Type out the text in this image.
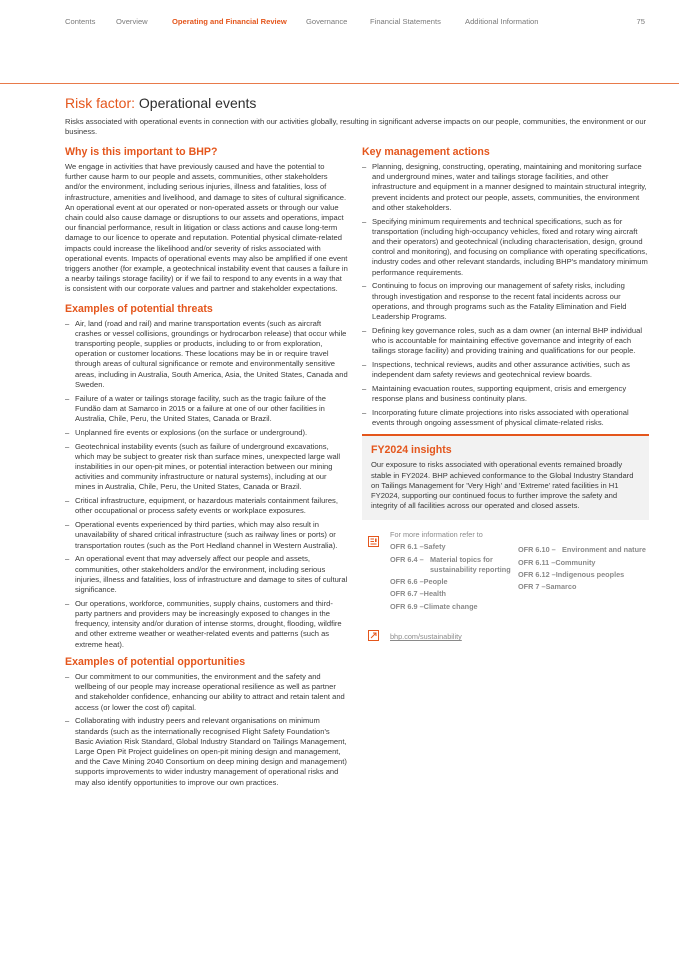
Contents	Overview	Operating and Financial Review	Governance	Financial Statements	Additional Information	75
Risk factor: Operational events

Risks associated with operational events in connection with our activities globally, resulting in significant adverse impacts on our people, communities, the environment or our business.

Why is this important to BHP?

We engage in activities that have previously caused and have the potential to further cause harm to our people and assets, communities, other stakeholders and/or the environment, including serious injuries, illness and fatalities, loss of infrastructure, amenities and livelihood, and damage to sites of cultural significance. An operational event at our operated or non-operated assets or through our value chain could also cause damage or disruptions to our assets and operations, impact our financial performance, result in litigation or class actions and cause long-term damage to our licence to operate and reputation. Potential physical climate-related impacts could increase the likelihood and/or severity of risks associated with operational events. Impacts of operational events may also be amplified if one event triggers another (for example, a geotechnical instability event that causes a failure in a nearby tailings storage facility) or if we fail to respond to any events in a way that is consistent with our corporate values and partner and stakeholder expectations.

Examples of potential threats
– Air, land (road and rail) and marine transportation events (such as aircraft crashes or vessel collisions, groundings or hydrocarbon release) that occur while transporting people, supplies or products, including to or from exploration, operation or customer locations. These locations may be in or require travel through areas of cultural significance or remote and environmentally sensitive areas, including in Australia, South America, Asia, the United States, Canada and Sweden.
– Failure of a water or tailings storage facility, such as the tragic failure of the Fundão dam at Samarco in 2015 or a failure at one of our other facilities in Australia, Chile, Peru, the United States, Canada or Brazil.
– Unplanned fire events or explosions (on the surface or underground).
– Geotechnical instability events (such as failure of underground excavations, which may be subject to greater risk than surface mines, unexpected large wall instabilities in our open-pit mines, or potential interaction between our mining activities and community infrastructure or natural systems), including at our mines in Australia, Chile, Peru, the United States, Canada or Brazil.
– Critical infrastructure, equipment, or hazardous materials containment failures, other occupational or process safety events or workplace exposures.
– Operational events experienced by third parties, which may also result in unavailability of shared critical infrastructure (such as railway lines or ports) or transportation routes (such as the Port Hedland channel in Western Australia).
– An operational event that may adversely affect our people and assets, communities, other stakeholders and/or the environment, including serious injuries, illness and fatalities, loss of infrastructure and damage to sites of cultural significance.
– Our operations, workforce, communities, supply chains, customers and third-party partners and providers may be increasingly exposed to changes in the frequency, intensity and/or duration of intense storms, drought, flooding, wildfire and other extreme weather or weather-related events and patterns (such as extreme heat).
Examples of potential opportunities
– Our commitment to our communities, the environment and the safety and wellbeing of our people may increase operational resilience as well as partner and stakeholder confidence, enhancing our ability to attract and retain talent and access (or lower the cost of) capital.
– Collaborating with industry peers and relevant organisations on minimum standards (such as the internationally recognised Flight Safety Foundation's Basic Aviation Risk Standard, Global Industry Standard on Tailings Management, Large Open Pit Project guidelines on open-pit mining design and management, and the Cave Mining 2040 Consortium on deep mining design and management) supports improvements to wider industry management of operational risks and may also identify opportunities to improve our own practices.
Key management actions
– Planning, designing, constructing, operating, maintaining and monitoring surface and underground mines, water and tailings storage facilities, and other infrastructure and equipment in a manner designed to maintain structural integrity, prevent incidents and protect our people, assets, communities, the environment and other stakeholders.
– Specifying minimum requirements and technical specifications, such as for transportation (including high-occupancy vehicles, fixed and rotary wing aircraft and their operators) and geotechnical (including characterisation, design, ground control and monitoring), and focusing on compliance with operating specifications, industry codes and other relevant standards, including BHP's mandatory minimum performance requirements.
– Continuing to focus on improving our management of safety risks, including through investigation and response to the recent fatal incidents across our operations, and through programs such as the Fatality Elimination and Field Leadership Programs.
– Defining key governance roles, such as a dam owner (an internal BHP individual who is accountable for maintaining effective governance and integrity of each tailings storage facility) and providing training and qualifications for our people.
– Inspections, technical reviews, audits and other assurance activities, such as independent dam safety reviews and geotechnical review boards.
– Maintaining evacuation routes, supporting equipment, crisis and emergency response plans and business continuity plans.
– Incorporating future climate projections into risks associated with operational events through ongoing assessment of physical climate-related risks.
FY2024 insights

Our exposure to risks associated with operational events remained broadly stable in FY2024. BHP achieved conformance to the Global Industry Standard on Tailings Management for 'Very High' and 'Extreme' rated facilities in H1 FY2024, supporting our continued focus to further improve the safety and integrity of all facilities across our operated and closed assets.

For more information refer to
OFR 6.1 – Safety
OFR 6.4 – Material topics for sustainability reporting
OFR 6.6 – People
OFR 6.7 – Health
OFR 6.9 – Climate change
OFR 6.10 – Environment and nature
OFR 6.11 – Community
OFR 6.12 – Indigenous peoples
OFR 7 – Samarco
bhp.com/sustainability
